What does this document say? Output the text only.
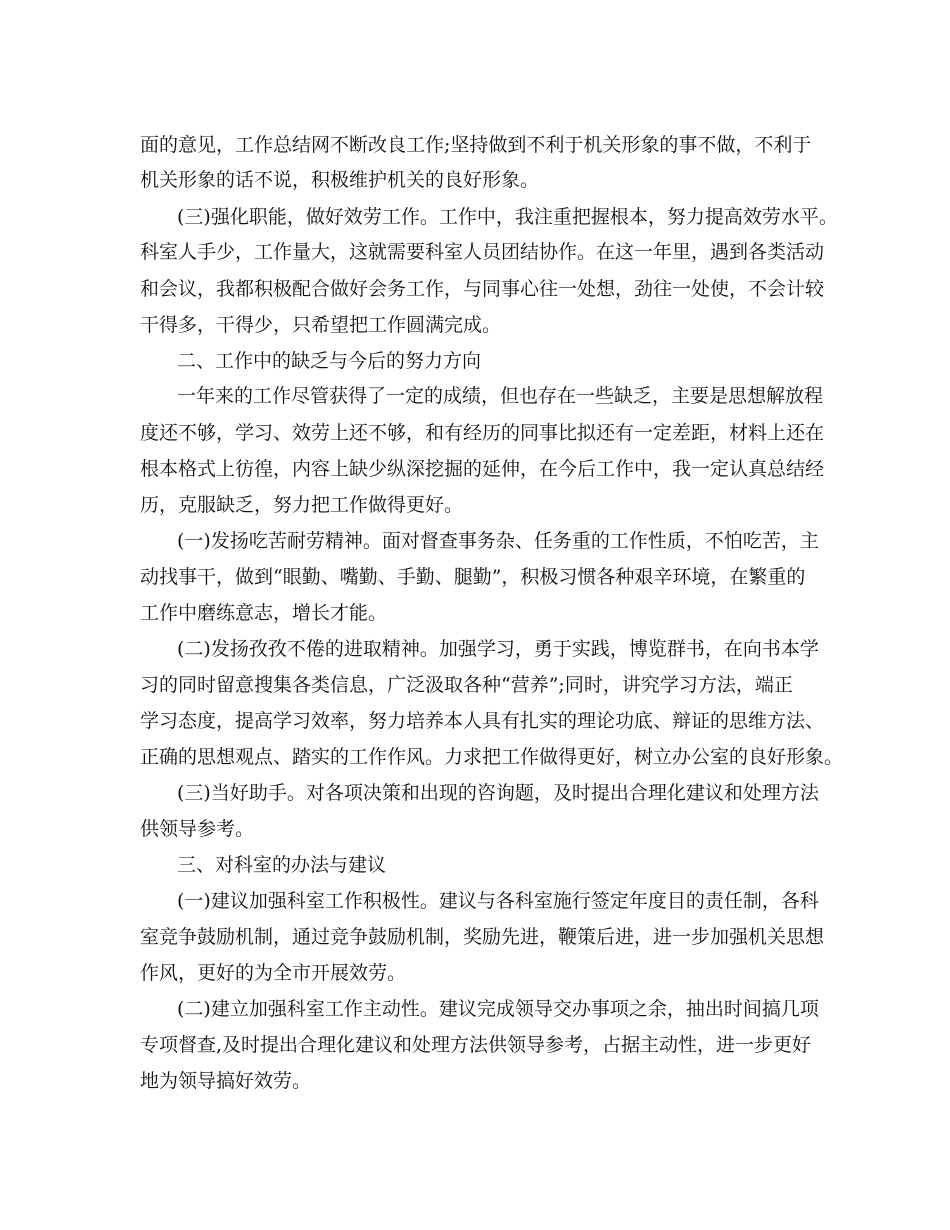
面的意见，工作总结网不断改良工作;坚持做到不利于机关形象的事不做，不利于
机关形象的话不说，积极维护机关的良好形象。
(三)强化职能，做好效劳工作。工作中，我注重把握根本，努力提高效劳水平。
科室人手少，工作量大，这就需要科室人员团结协作。在这一年里，遇到各类活动
和会议，我都积极配合做好会务工作，与同事心往一处想，劲往一处使，不会计较
干得多，干得少，只希望把工作圆满完成。
二、工作中的缺乏与今后的努力方向
一年来的工作尽管获得了一定的成绩，但也存在一些缺乏，主要是思想解放程
度还不够，学习、效劳上还不够，和有经历的同事比拟还有一定差距，材料上还在
根本格式上彷徨，内容上缺少纵深挖掘的延伸，在今后工作中，我一定认真总结经
历，克服缺乏，努力把工作做得更好。
(一)发扬吃苦耐劳精神。面对督查事务杂、任务重的工作性质，不怕吃苦，主
动找事干，做到“眼勤、嘴勤、手勤、腿勤”，积极习惯各种艰辛环境，在繁重的
工作中磨练意志，增长才能。
(二)发扬孜孜不倦的进取精神。加强学习，勇于实践，博览群书，在向书本学
习的同时留意搜集各类信息，广泛汲取各种“营养”;同时，讲究学习方法，端正
学习态度，提高学习效率，努力培养本人具有扎实的理论功底、辩证的思维方法、
正确的思想观点、踏实的工作作风。力求把工作做得更好，树立办公室的良好形象。
(三)当好助手。对各项决策和出现的咨询题，及时提出合理化建议和处理方法
供领导参考。
三、对科室的办法与建议
(一)建议加强科室工作积极性。建议与各科室施行签定年度目的责任制，各科
室竞争鼓励机制，通过竞争鼓励机制，奖励先进，鞭策后进，进一步加强机关思想
作风，更好的为全市开展效劳。
(二)建立加强科室工作主动性。建议完成领导交办事项之余，抽出时间搞几项
专项督查,及时提出合理化建议和处理方法供领导参考，占据主动性，进一步更好
地为领导搞好效劳。
